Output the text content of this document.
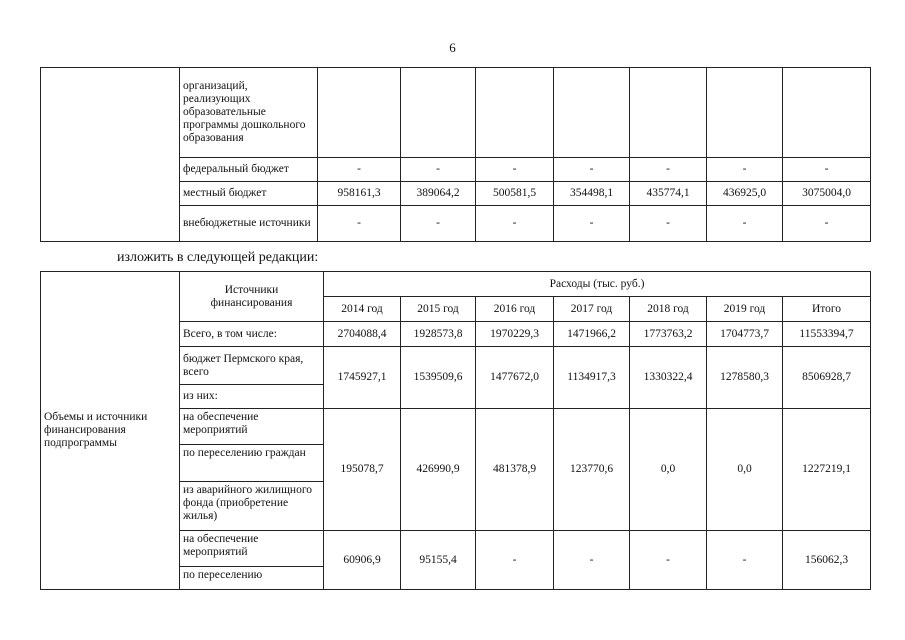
6
	организаций, реализующих образовательные программы дошкольного образования							
	федеральный бюджет	-	-	-	-	-	-	-
	местный бюджет	958161,3	389064,2	500581,5	354498,1	435774,1	436925,0	3075004,0
	внебюджетные источники	-	-	-	-	-	-	-
изложить в следующей редакции:
Объемы и источники финансирования подпрограммы	Источники финансирования	Расходы (тыс. руб.)						
		2014 год	2015 год	2016 год	2017 год	2018 год	2019 год	Итого
	Всего, в том числе:	2704088,4	1928573,8	1970229,3	1471966,2	1773763,2	1704773,7	11553394,7
	бюджет Пермского края, всего	1745927,1	1539509,6	1477672,0	1134917,3	1330322,4	1278580,3	8506928,7
	из них:							
	на обеспечение мероприятий	195078,7	426990,9	481378,9	123770,6	0,0	0,0	1227219,1
	по переселению граждан							
	из аварийного жилищного фонда (приобретение жилья)							
	на обеспечение мероприятий	60906,9	95155,4	-	-	-	-	156062,3
	по переселению							
